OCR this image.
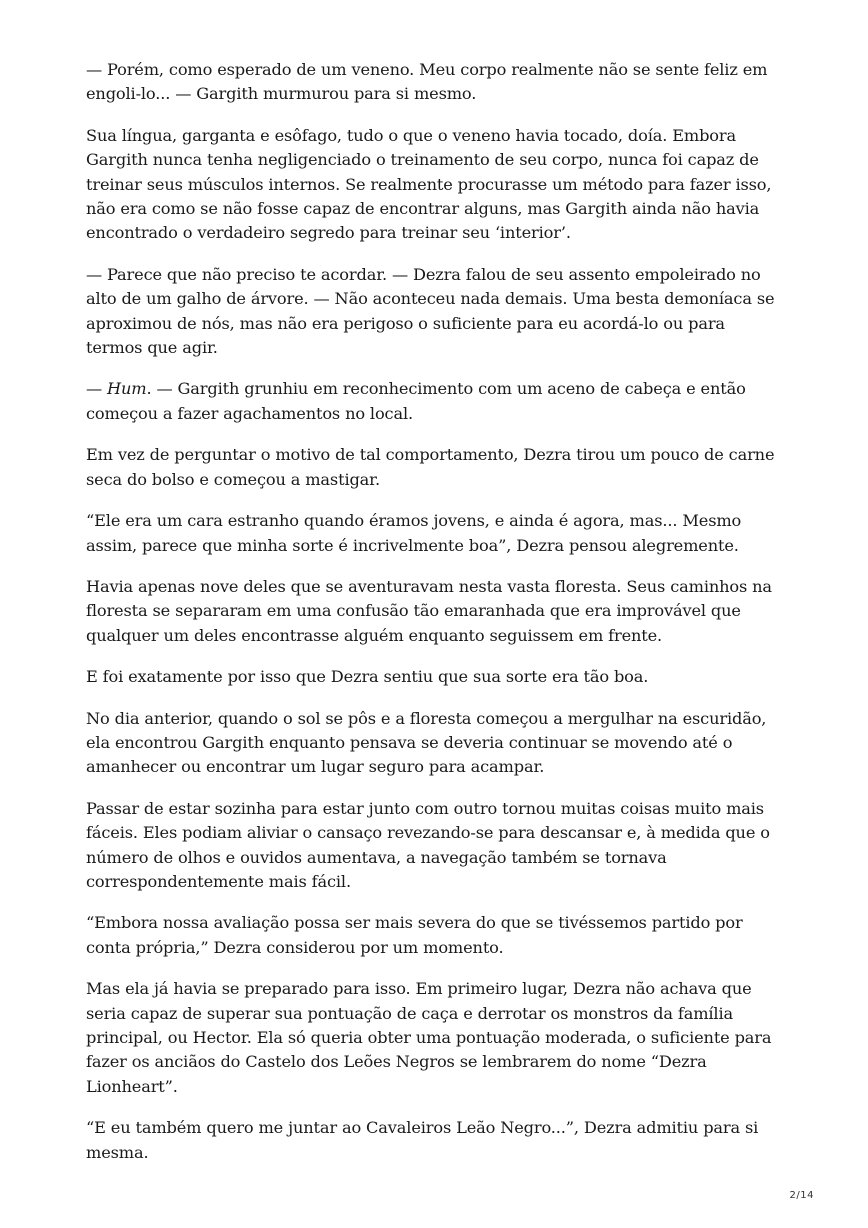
— Porém, como esperado de um veneno. Meu corpo realmente não se sente feliz em engoli-lo... — Gargith murmurou para si mesmo.

Sua língua, garganta e esôfago, tudo o que o veneno havia tocado, doía. Embora Gargith nunca tenha negligenciado o treinamento de seu corpo, nunca foi capaz de treinar seus músculos internos. Se realmente procurasse um método para fazer isso, não era como se não fosse capaz de encontrar alguns, mas Gargith ainda não havia encontrado o verdadeiro segredo para treinar seu ‘interior’.

— Parece que não preciso te acordar. — Dezra falou de seu assento empoleirado no alto de um galho de árvore. — Não aconteceu nada demais. Uma besta demoníaca se aproximou de nós, mas não era perigoso o suficiente para eu acordá-lo ou para termos que agir.

— Hum. — Gargith grunhiu em reconhecimento com um aceno de cabeça e então começou a fazer agachamentos no local.

Em vez de perguntar o motivo de tal comportamento, Dezra tirou um pouco de carne seca do bolso e começou a mastigar.

“Ele era um cara estranho quando éramos jovens, e ainda é agora, mas... Mesmo assim, parece que minha sorte é incrivelmente boa”, Dezra pensou alegremente.

Havia apenas nove deles que se aventuravam nesta vasta floresta. Seus caminhos na floresta se separaram em uma confusão tão emaranhada que era improvável que qualquer um deles encontrasse alguém enquanto seguissem em frente.

E foi exatamente por isso que Dezra sentiu que sua sorte era tão boa.

No dia anterior, quando o sol se pôs e a floresta começou a mergulhar na escuridão, ela encontrou Gargith enquanto pensava se deveria continuar se movendo até o amanhecer ou encontrar um lugar seguro para acampar.

Passar de estar sozinha para estar junto com outro tornou muitas coisas muito mais fáceis. Eles podiam aliviar o cansaço revezando-se para descansar e, à medida que o número de olhos e ouvidos aumentava, a navegação também se tornava correspondentemente mais fácil.

“Embora nossa avaliação possa ser mais severa do que se tivéssemos partido por conta própria,” Dezra considerou por um momento.

Mas ela já havia se preparado para isso. Em primeiro lugar, Dezra não achava que seria capaz de superar sua pontuação de caça e derrotar os monstros da família principal, ou Hector. Ela só queria obter uma pontuação moderada, o suficiente para fazer os anciãos do Castelo dos Leões Negros se lembrarem do nome “Dezra Lionheart”.

“E eu também quero me juntar ao Cavaleiros Leão Negro...”, Dezra admitiu para si mesma.

2/14
